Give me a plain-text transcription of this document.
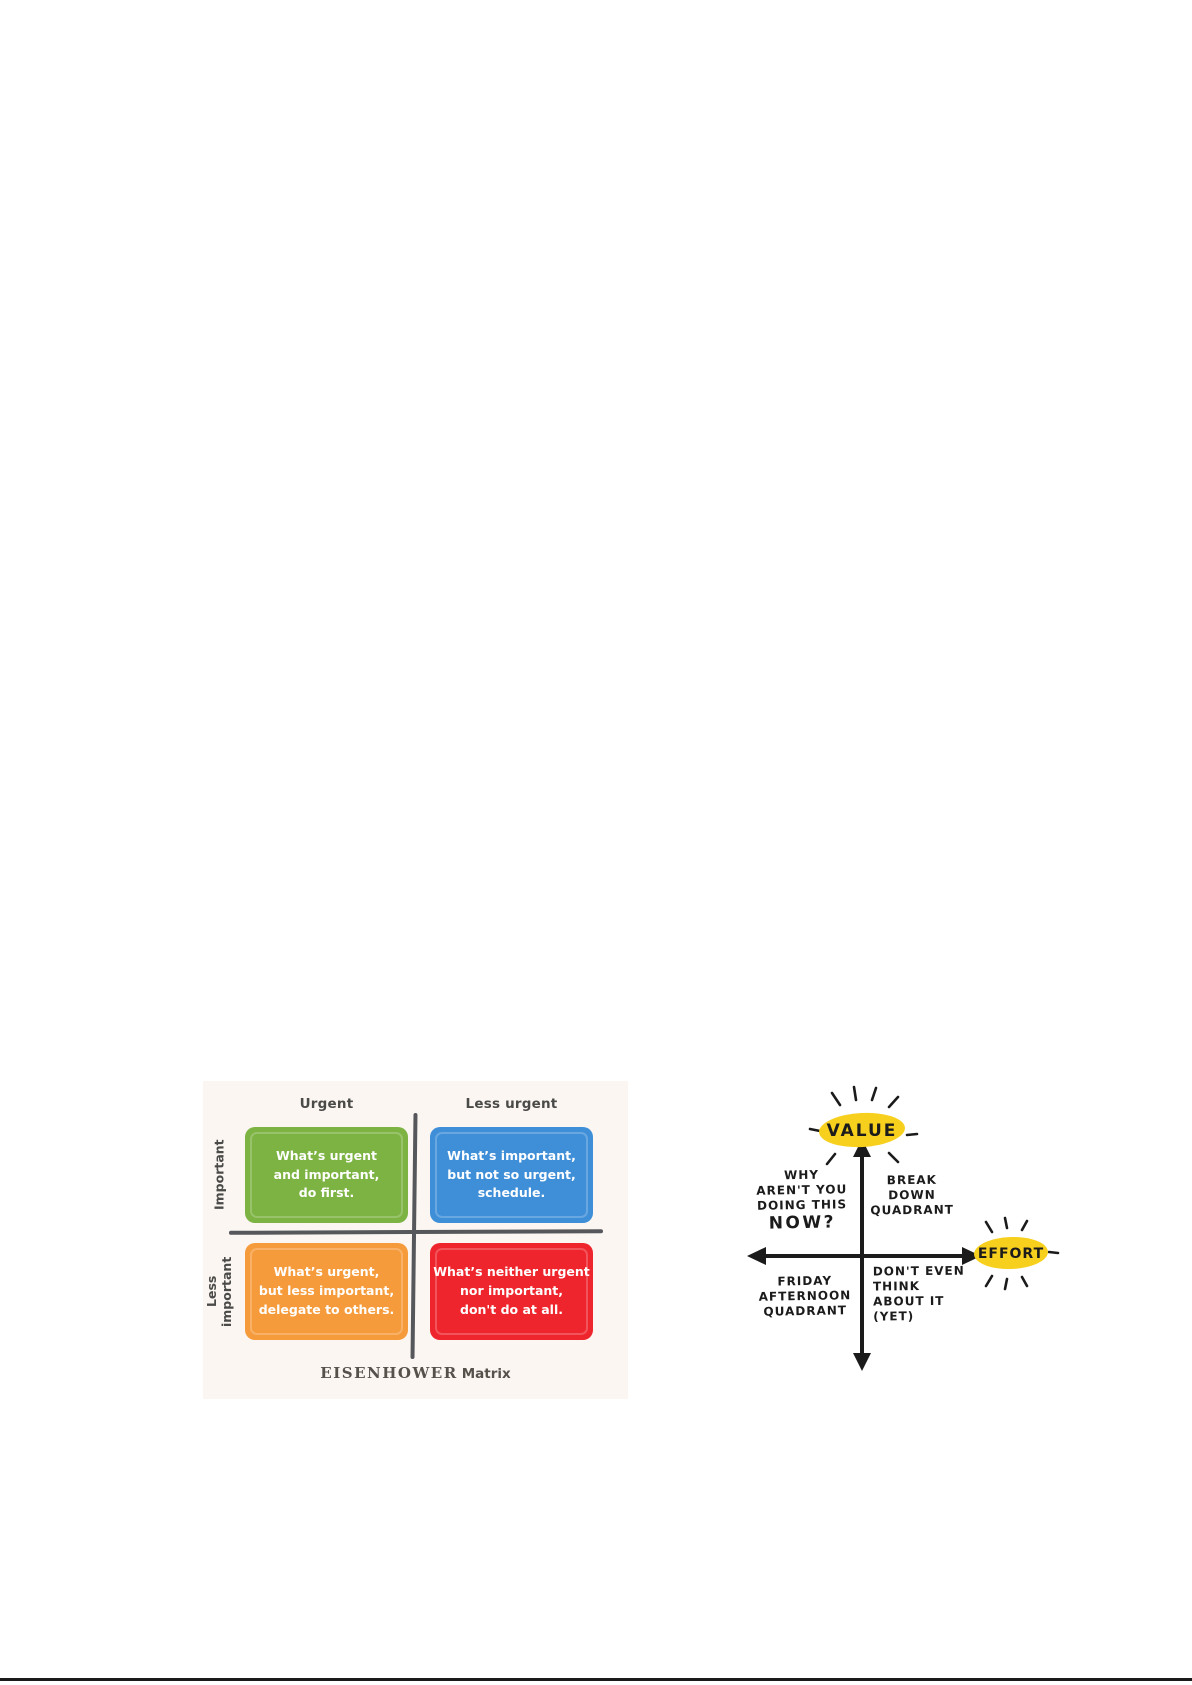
Urgent	Less urgent
Important
Less important
What’s urgent
and important,
do first.
What’s important,
but not so urgent,
schedule.
What’s urgent,
but less important,
delegate to others.
What’s neither urgent
nor important,
don't do at all.
EISENHOWER Matrix
VALUE
EFFORT
WHY
AREN'T YOU
DOING THIS
NOW?
BREAK
DOWN
QUADRANT
FRIDAY
AFTERNOON
QUADRANT
DON'T EVEN
THINK
ABOUT IT
(YET)
